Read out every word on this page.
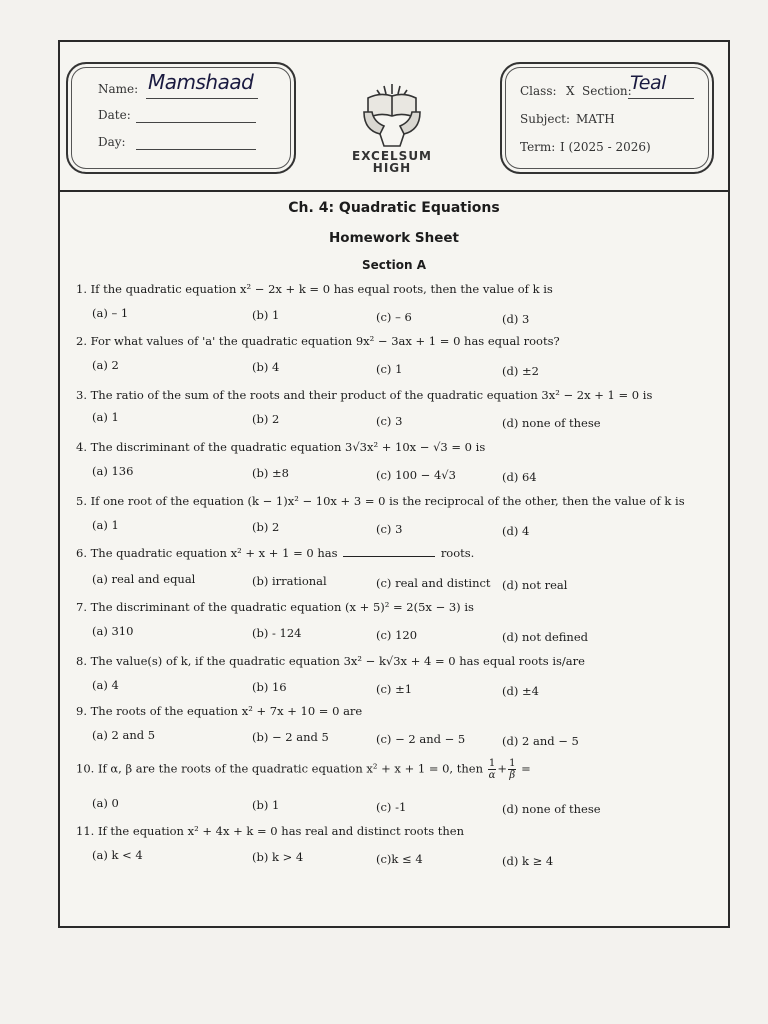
Name: Mamshaad
Date:
Day:
EXCELSUM
HIGH
Class: X Section:
Teal
Subject: MATH
Term: I (2025 - 2026)
Ch. 4: Quadratic Equations
Homework Sheet
Section A
1. If the quadratic equation x² − 2x + k = 0 has equal roots, then the value of k is
(a) – 1	(b) 1	(c) – 6	(d) 3
2. For what values of 'a' the quadratic equation 9x² − 3ax + 1 = 0 has equal roots?
(a) 2	(b) 4	(c) 1	(d) ±2
3. The ratio of the sum of the roots and their product of the quadratic equation 3x² − 2x + 1 = 0 is
(a) 1	(b) 2	(c) 3	(d) none of these
4. The discriminant of the quadratic equation 3√3x² + 10x − √3 = 0 is
(a) 136	(b) ±8	(c) 100 − 4√3	(d) 64
5. If one root of the equation (k − 1)x² − 10x + 3 = 0 is the reciprocal of the other, then the value of k is
(a) 1	(b) 2	(c) 3	(d) 4
6. The quadratic equation x² + x + 1 = 0 has	roots.
(a) real and equal	(b) irrational	(c) real and distinct (d) not real
7. The discriminant of the quadratic equation (x + 5)² = 2(5x − 3) is
(a) 310	(b) - 124	(c) 120	(d) not defined
8. The value(s) of k, if the quadratic equation 3x² − k√3x + 4 = 0 has equal roots is/are
(a) 4	(b) 16	(c) ±1	(d) ±4
9. The roots of the equation x² + 7x + 10 = 0 are
(a) 2 and 5	(b) − 2 and 5	(c) − 2 and − 5	(d) 2 and − 5
10. If α, β are the roots of the quadratic equation x² + x + 1 = 0, then $\frac{1}{\alpha} + \frac{1}{\beta}$ =
(a) 0	(b) 1	(c) -1	(d) none of these
11. If the equation x² + 4x + k = 0 has real and distinct roots then
(a) k < 4	(b) k > 4	(c)k ≤ 4	(d) k ≥ 4
